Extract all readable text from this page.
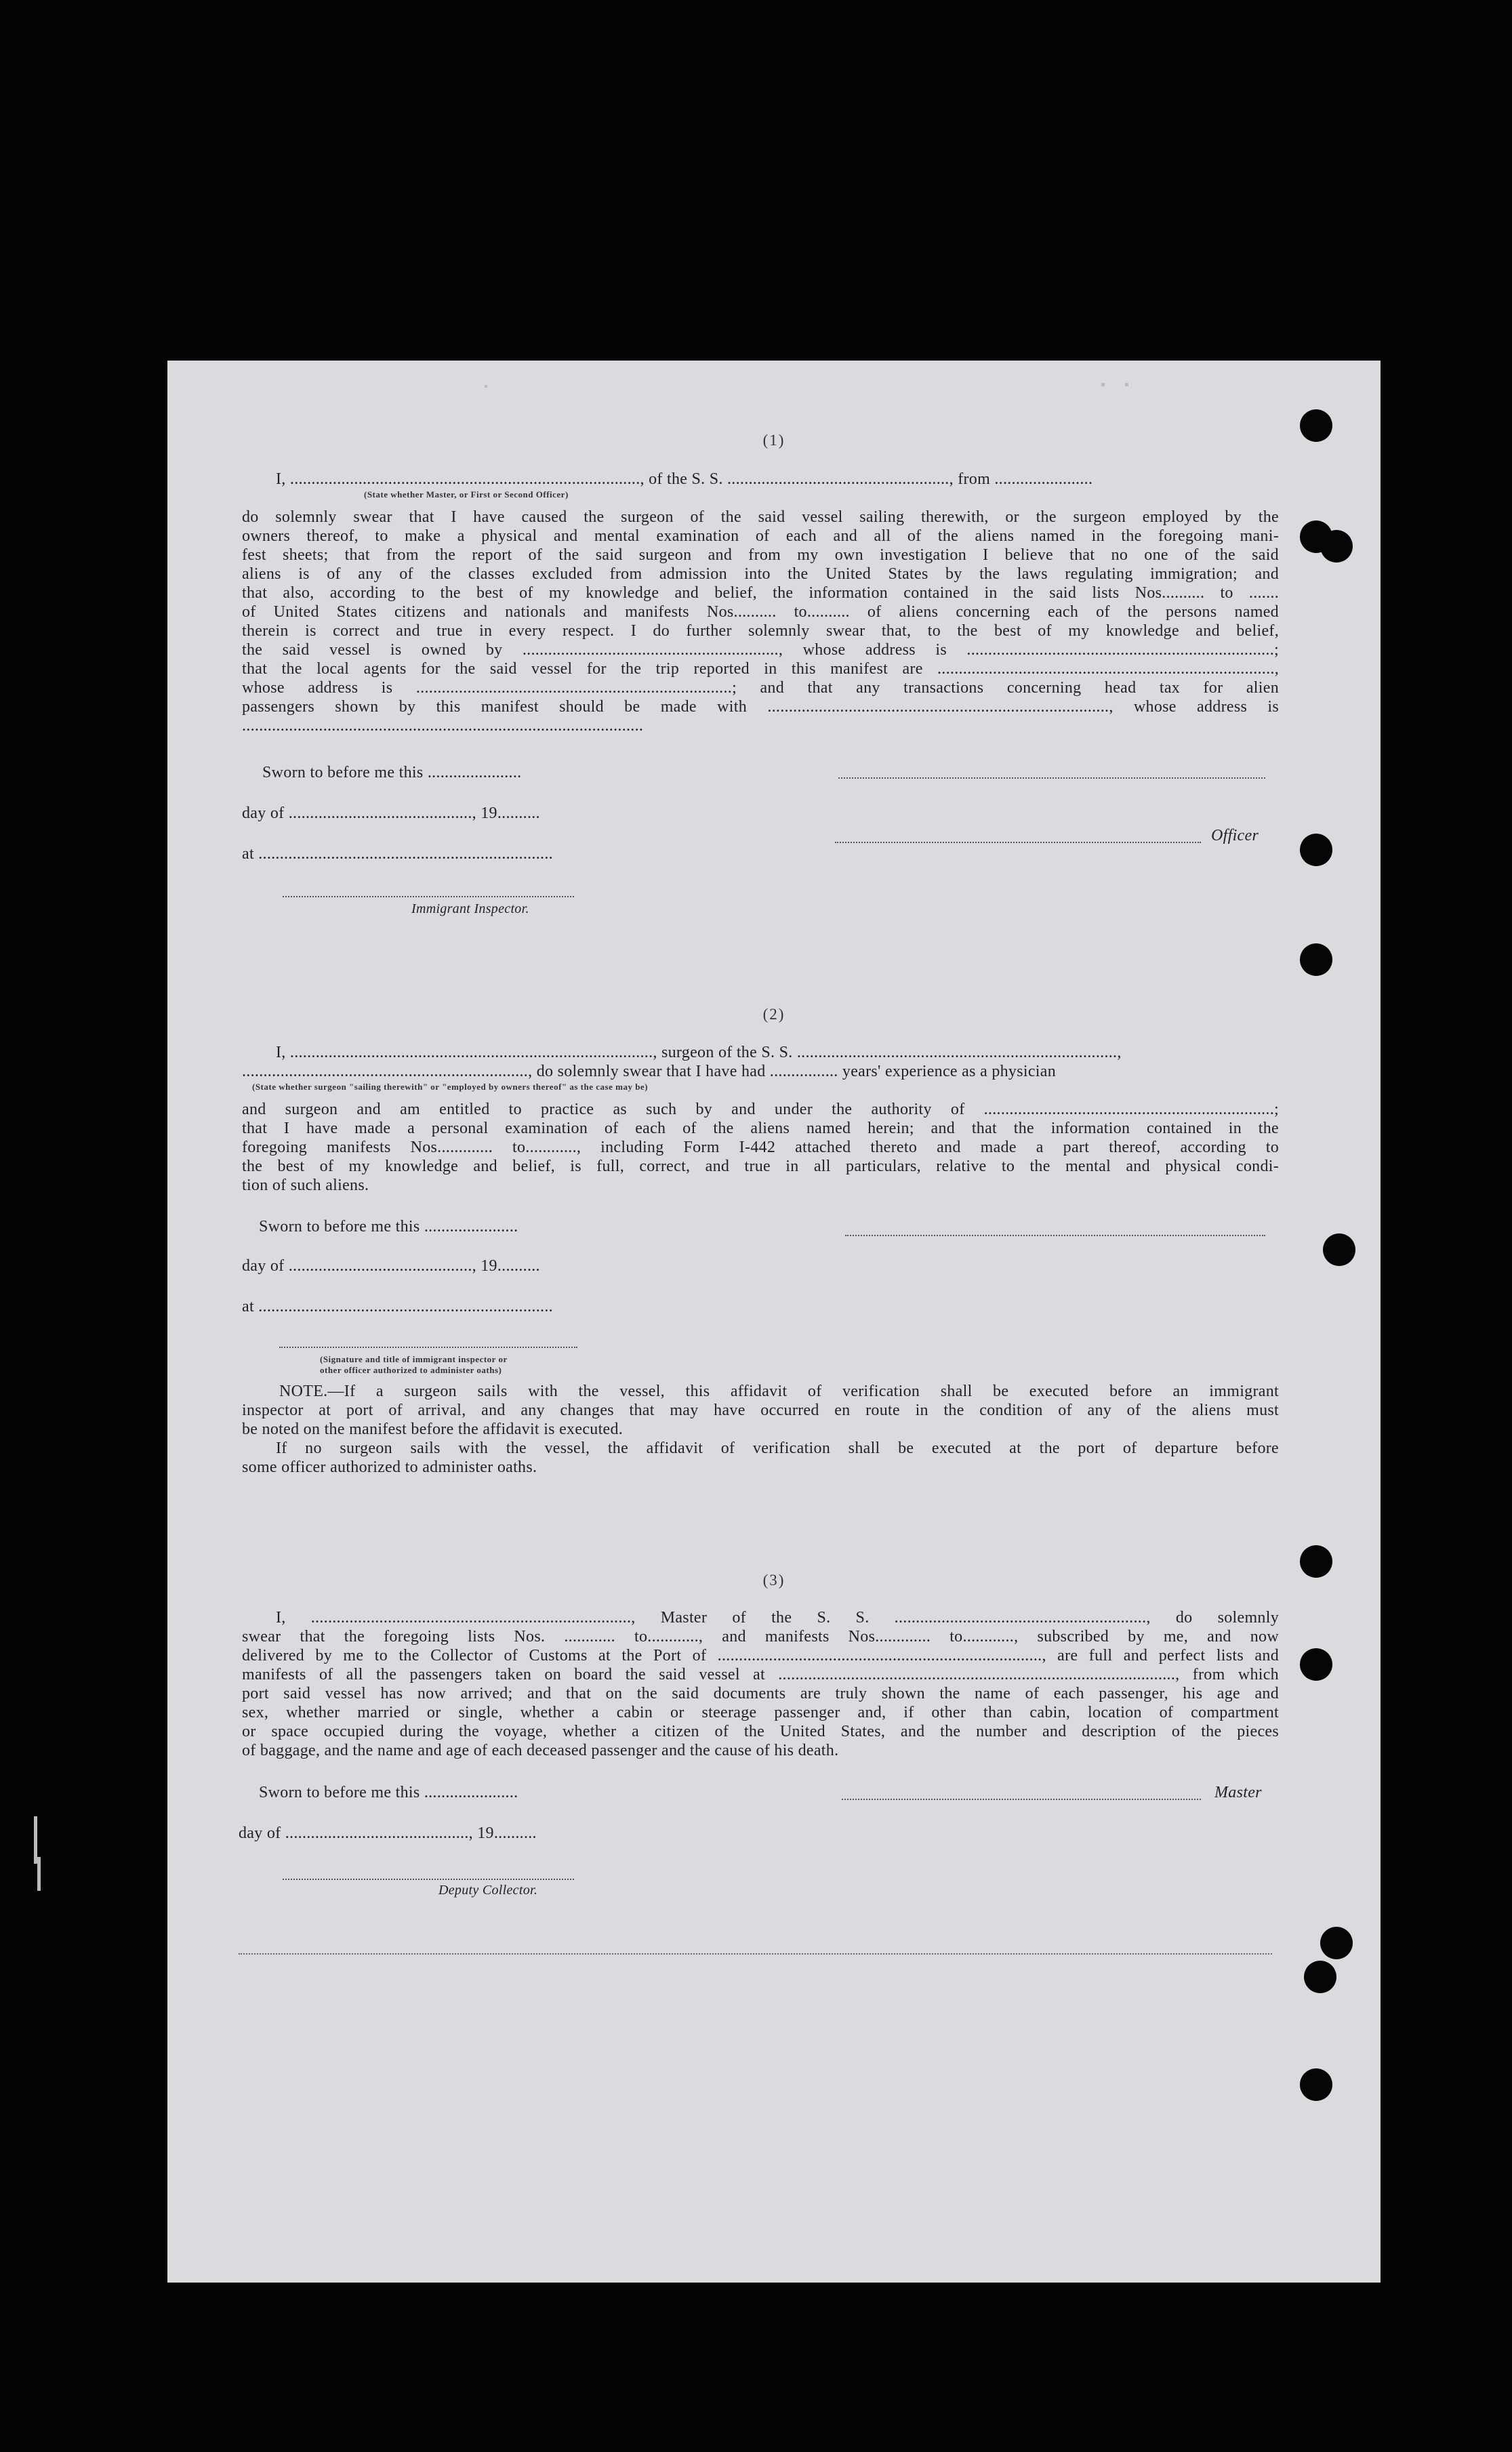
(1)
I, .................................................................................., of the S. S. ...................................................., from .......................
(State whether Master, or First or Second Officer)
do solemnly swear that I have caused the surgeon of the said vessel sailing therewith, or the surgeon employed by the
owners thereof, to make a physical and mental examination of each and all of the aliens named in the foregoing mani-
fest sheets; that from the report of the said surgeon and from my own investigation I believe that no one of the said
aliens is of any of the classes excluded from admission into the United States by the laws regulating immigration; and
that also, according to the best of my knowledge and belief, the information contained in the said lists Nos.......... to .......
of United States citizens and nationals and manifests Nos.......... to.......... of aliens concerning each of the persons named
therein is correct and true in every respect. I do further solemnly swear that, to the best of my knowledge and belief,
the said vessel is owned by ............................................................, whose address is ........................................................................;
that the local agents for the said vessel for the trip reported in this manifest are ...............................................................................,
whose address is ..........................................................................; and that any transactions concerning head tax for alien
passengers shown by this manifest should be made with ................................................................................, whose address is
..............................................................................................
Sworn to before me this ......................
day of ..........................................., 19..........
at .....................................................................
Officer
Immigrant Inspector.
(2)
I, ....................................................................................., surgeon of the S. S. ...........................................................................,
..................................................................., do solemnly swear that I have had ................ years' experience as a physician
(State whether surgeon "sailing therewith" or "employed by owners thereof" as the case may be)
and surgeon and am entitled to practice as such by and under the authority of ....................................................................;
that I have made a personal examination of each of the aliens named herein; and that the information contained in the
foregoing manifests Nos............. to............, including Form I-442 attached thereto and made a part thereof, according to
the best of my knowledge and belief, is full, correct, and true in all particulars, relative to the mental and physical condi-
tion of such aliens.
Sworn to before me this ......................
day of ..........................................., 19..........
at .....................................................................
(Signature and title of immigrant inspector or
other officer authorized to administer oaths)
NOTE.—If a surgeon sails with the vessel, this affidavit of verification shall be executed before an immigrant
inspector at port of arrival, and any changes that may have occurred en route in the condition of any of the aliens must
be noted on the manifest before the affidavit is executed.
If no surgeon sails with the vessel, the affidavit of verification shall be executed at the port of departure before
some officer authorized to administer oaths.
(3)
I, ..........................................................................., Master of the S. S. ..........................................................., do solemnly
swear that the foregoing lists Nos. ............ to............, and manifests Nos............. to............, subscribed by me, and now
delivered by me to the Collector of Customs at the Port of ............................................................................, are full and perfect lists and
manifests of all the passengers taken on board the said vessel at ............................................................................................., from which
port said vessel has now arrived; and that on the said documents are truly shown the name of each passenger, his age and
sex, whether married or single, whether a cabin or steerage passenger and, if other than cabin, location of compartment
or space occupied during the voyage, whether a citizen of the United States, and the number and description of the pieces
of baggage, and the name and age of each deceased passenger and the cause of his death.
Sworn to before me this ......................	Master
day of ..........................................., 19..........
Deputy Collector.
